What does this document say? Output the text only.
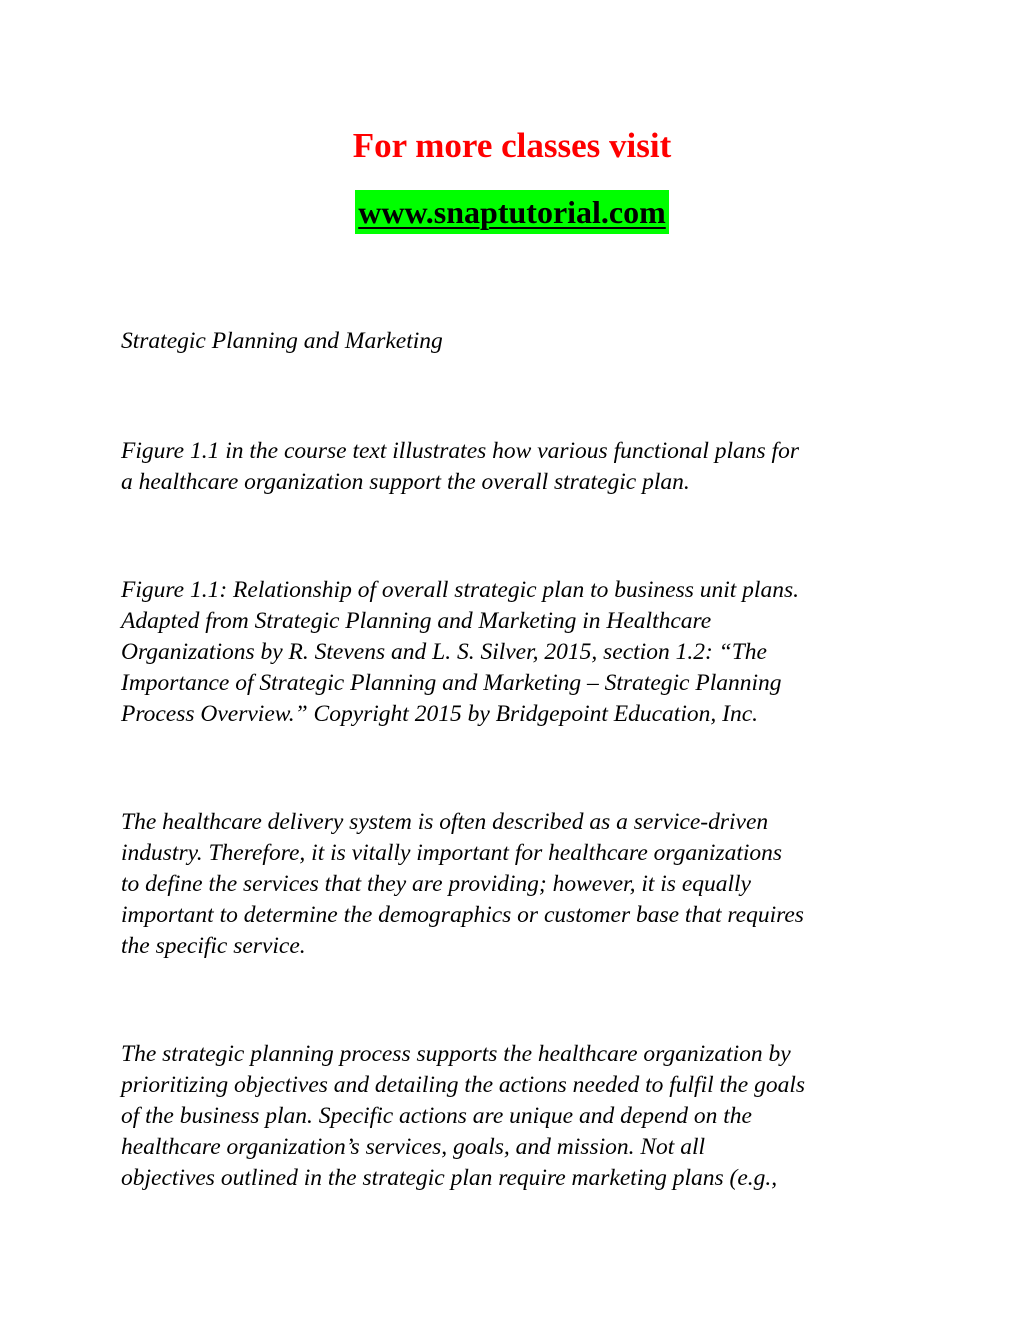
For more classes visit
www.snaptutorial.com

Strategic Planning and Marketing

Figure 1.1 in the course text illustrates how various functional plans for
a healthcare organization support the overall strategic plan.

Figure 1.1: Relationship of overall strategic plan to business unit plans.
Adapted from Strategic Planning and Marketing in Healthcare
Organizations by R. Stevens and L. S. Silver, 2015, section 1.2: “The
Importance of Strategic Planning and Marketing – Strategic Planning
Process Overview.” Copyright 2015 by Bridgepoint Education, Inc.

The healthcare delivery system is often described as a service-driven
industry. Therefore, it is vitally important for healthcare organizations
to define the services that they are providing; however, it is equally
important to determine the demographics or customer base that requires
the specific service.

The strategic planning process supports the healthcare organization by
prioritizing objectives and detailing the actions needed to fulfil the goals
of the business plan. Specific actions are unique and depend on the
healthcare organization’s services, goals, and mission. Not all
objectives outlined in the strategic plan require marketing plans (e.g.,
